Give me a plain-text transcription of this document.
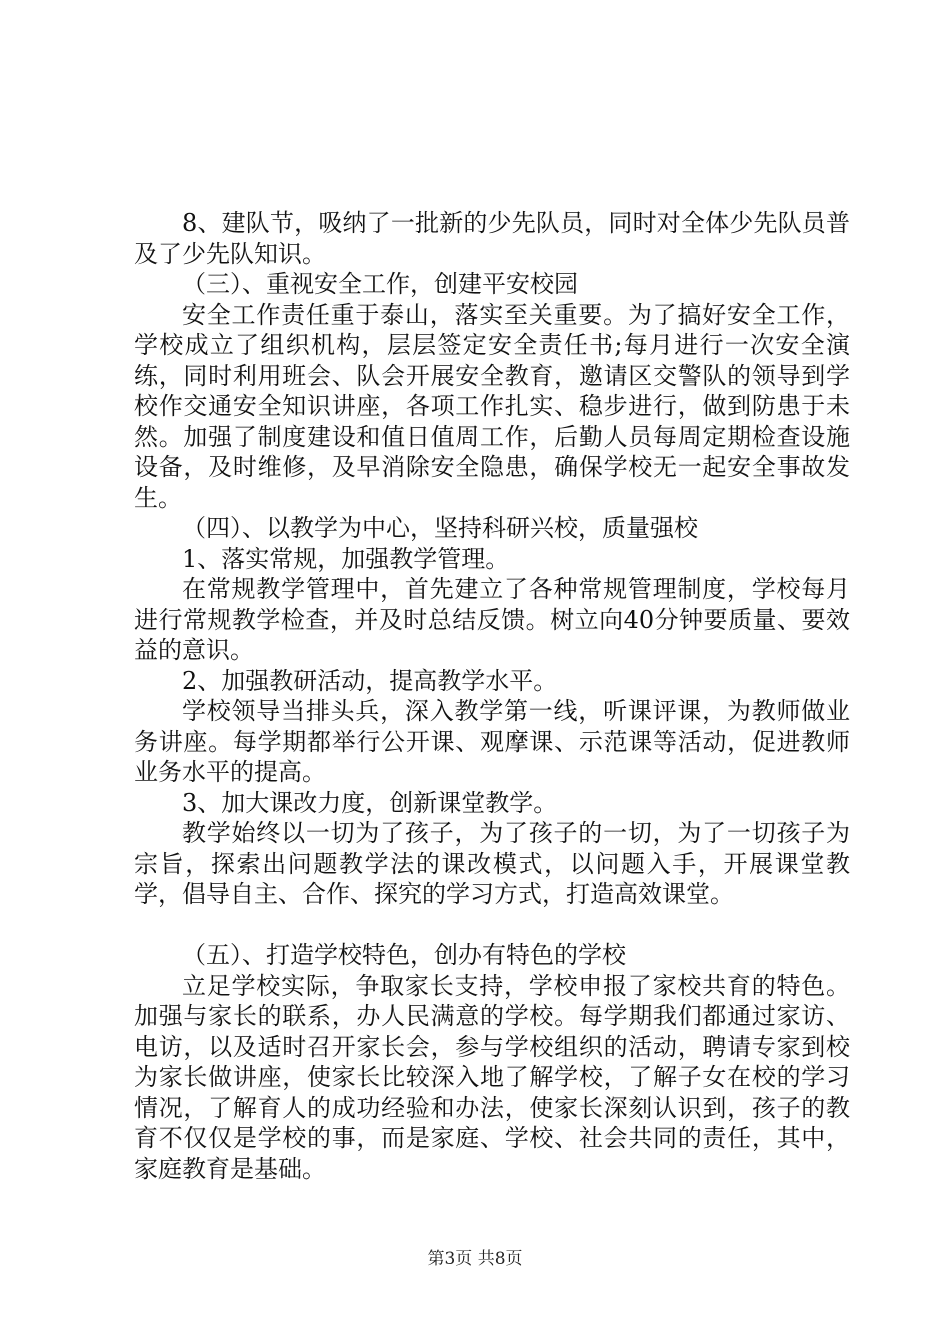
8、建队节，吸纳了一批新的少先队员，同时对全体少先队员普及了少先队知识。

（三）、重视安全工作，创建平安校园

安全工作责任重于泰山，落实至关重要。为了搞好安全工作，学校成立了组织机构，层层签定安全责任书;每月进行一次安全演练，同时利用班会、队会开展安全教育，邀请区交警队的领导到学校作交通安全知识讲座，各项工作扎实、稳步进行，做到防患于未然。加强了制度建设和值日值周工作，后勤人员每周定期检查设施设备，及时维修，及早消除安全隐患，确保学校无一起安全事故发生。

（四）、以教学为中心，坚持科研兴校，质量强校

1、落实常规，加强教学管理。

在常规教学管理中，首先建立了各种常规管理制度，学校每月进行常规教学检查，并及时总结反馈。树立向40分钟要质量、要效益的意识。

2、加强教研活动，提高教学水平。

学校领导当排头兵，深入教学第一线，听课评课，为教师做业务讲座。每学期都举行公开课、观摩课、示范课等活动，促进教师业务水平的提高。

3、加大课改力度，创新课堂教学。

教学始终以一切为了孩子，为了孩子的一切，为了一切孩子为宗旨，探索出问题教学法的课改模式，以问题入手，开展课堂教学，倡导自主、合作、探究的学习方式，打造高效课堂。

（五）、打造学校特色，创办有特色的学校

立足学校实际，争取家长支持，学校申报了家校共育的特色。加强与家长的联系，办人民满意的学校。每学期我们都通过家访、电访，以及适时召开家长会，参与学校组织的活动，聘请专家到校为家长做讲座，使家长比较深入地了解学校，了解子女在校的学习情况，了解育人的成功经验和办法，使家长深刻认识到，孩子的教育不仅仅是学校的事，而是家庭、学校、社会共同的责任，其中，家庭教育是基础。

第3页 共8页
